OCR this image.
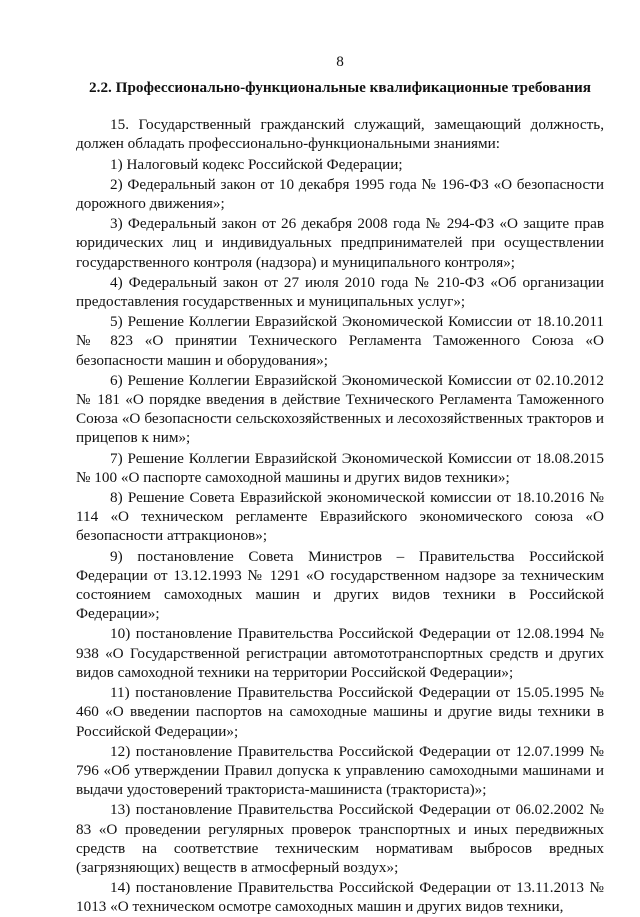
8
2.2. Профессионально-функциональные квалификационные требования

15. Государственный гражданский служащий, замещающий должность, должен обладать профессионально-функциональными знаниями:

1) Налоговый кодекс Российской Федерации;

2) Федеральный закон от 10 декабря 1995 года № 196-ФЗ «О безопасности дорожного движения»;

3) Федеральный закон от 26 декабря 2008 года № 294-ФЗ «О защите прав юридических лиц и индивидуальных предпринимателей при осуществлении государственного контроля (надзора) и муниципального контроля»;

4) Федеральный закон от 27 июля 2010 года № 210-ФЗ «Об организации предоставления государственных и муниципальных услуг»;

5) Решение Коллегии Евразийской Экономической Комиссии от 18.10.2011 № 823 «О принятии Технического Регламента Таможенного Союза «О безопасности машин и оборудования»;

6) Решение Коллегии Евразийской Экономической Комиссии от 02.10.2012 № 181 «О порядке введения в действие Технического Регламента Таможенного Союза «О безопасности сельскохозяйственных и лесохозяйственных тракторов и прицепов к ним»;

7) Решение Коллегии Евразийской Экономической Комиссии от 18.08.2015 № 100 «О паспорте самоходной машины и других видов техники»;

8) Решение Совета Евразийской экономической комиссии от 18.10.2016 № 114 «О техническом регламенте Евразийского экономического союза «О безопасности аттракционов»;

9) постановление Совета Министров – Правительства Российской Федерации от 13.12.1993 № 1291 «О государственном надзоре за техническим состоянием самоходных машин и других видов техники в Российской Федерации»;

10) постановление Правительства Российской Федерации от 12.08.1994 № 938 «О Государственной регистрации автомототранспортных средств и других видов самоходной техники на территории Российской Федерации»;

11) постановление Правительства Российской Федерации от 15.05.1995 № 460 «О введении паспортов на самоходные машины и другие виды техники в Российской Федерации»;

12) постановление Правительства Российской Федерации от 12.07.1999 № 796 «Об утверждении Правил допуска к управлению самоходными машинами и выдачи удостоверений тракториста-машиниста (тракториста)»;

13) постановление Правительства Российской Федерации от 06.02.2002 № 83 «О проведении регулярных проверок транспортных и иных передвижных средств на соответствие техническим нормативам выбросов вредных (загрязняющих) веществ в атмосферный воздух»;

14) постановление Правительства Российской Федерации от 13.11.2013 № 1013 «О техническом осмотре самоходных машин и других видов техники,
